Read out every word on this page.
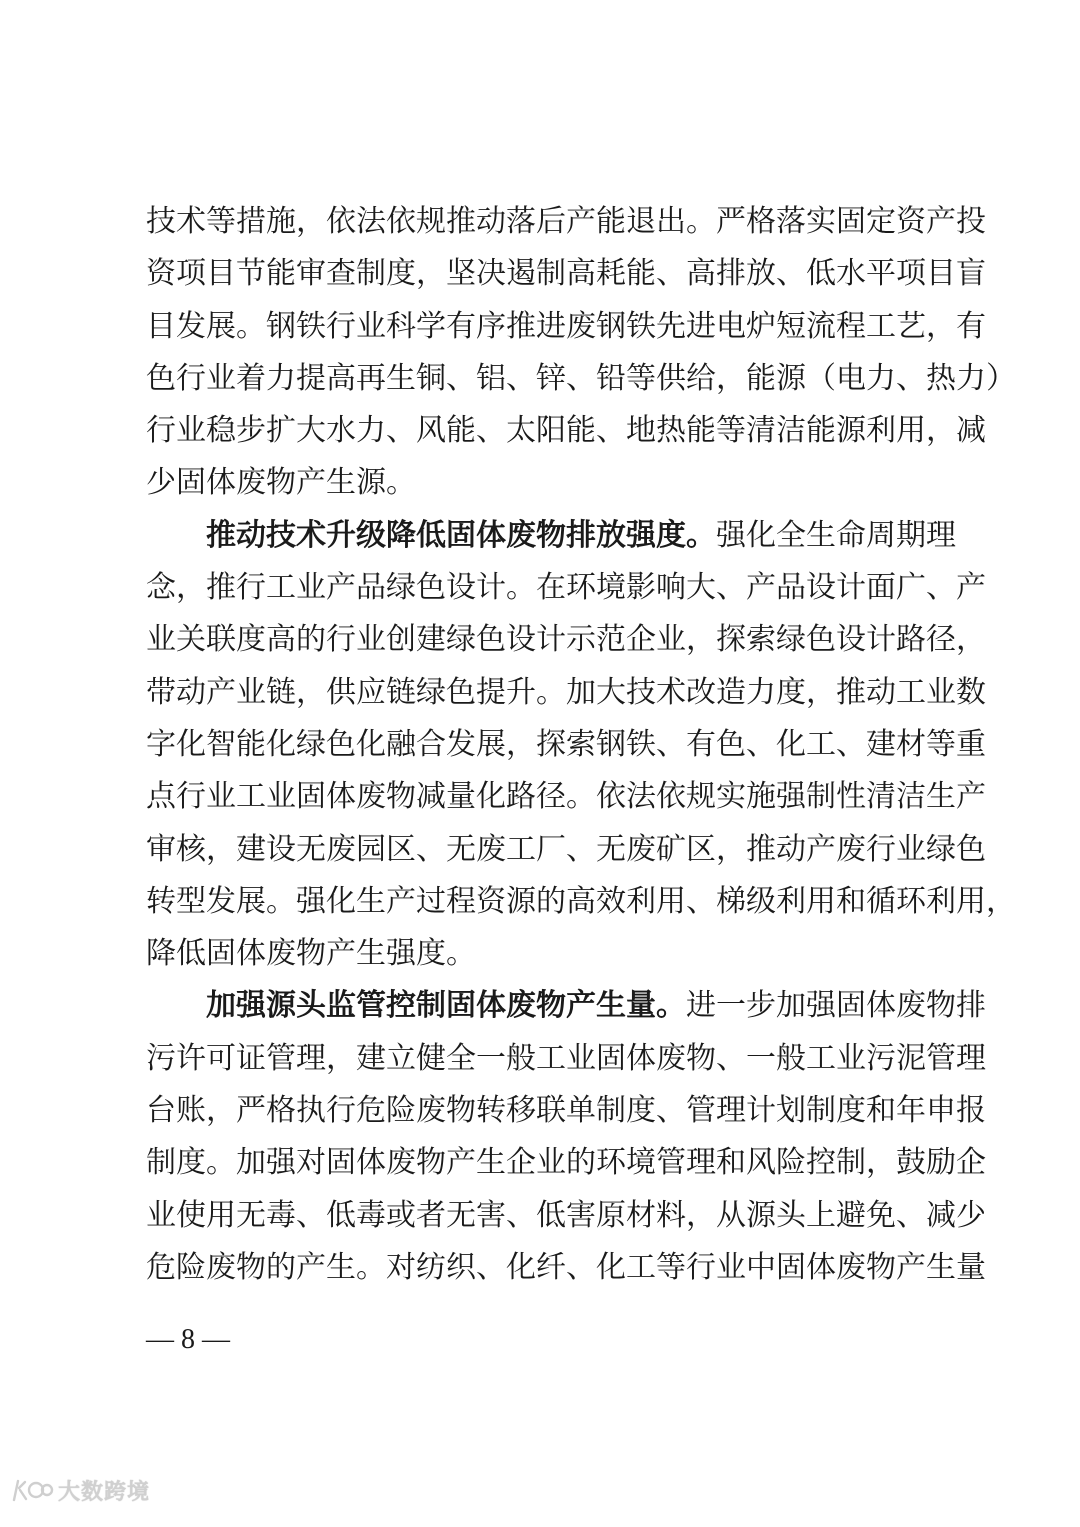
技术等措施，依法依规推动落后产能退出。严格落实固定资产投
资项目节能审查制度，坚决遏制高耗能、高排放、低水平项目盲
目发展。钢铁行业科学有序推进废钢铁先进电炉短流程工艺，有
色行业着力提高再生铜、铝、锌、铅等供给，能源（电力、热力）
行业稳步扩大水力、风能、太阳能、地热能等清洁能源利用，减
少固体废物产生源。
推动技术升级降低固体废物排放强度。强化全生命周期理
念，推行工业产品绿色设计。在环境影响大、产品设计面广、产
业关联度高的行业创建绿色设计示范企业，探索绿色设计路径，
带动产业链，供应链绿色提升。加大技术改造力度，推动工业数
字化智能化绿色化融合发展，探索钢铁、有色、化工、建材等重
点行业工业固体废物减量化路径。依法依规实施强制性清洁生产
审核，建设无废园区、无废工厂、无废矿区，推动产废行业绿色
转型发展。强化生产过程资源的高效利用、梯级利用和循环利用，
降低固体废物产生强度。
加强源头监管控制固体废物产生量。进一步加强固体废物排
污许可证管理，建立健全一般工业固体废物、一般工业污泥管理
台账，严格执行危险废物转移联单制度、管理计划制度和年申报
制度。加强对固体废物产生企业的环境管理和风险控制，鼓励企
业使用无毒、低毒或者无害、低害原材料，从源头上避免、减少
危险废物的产生。对纺织、化纤、化工等行业中固体废物产生量
— 8 —
大数跨境
